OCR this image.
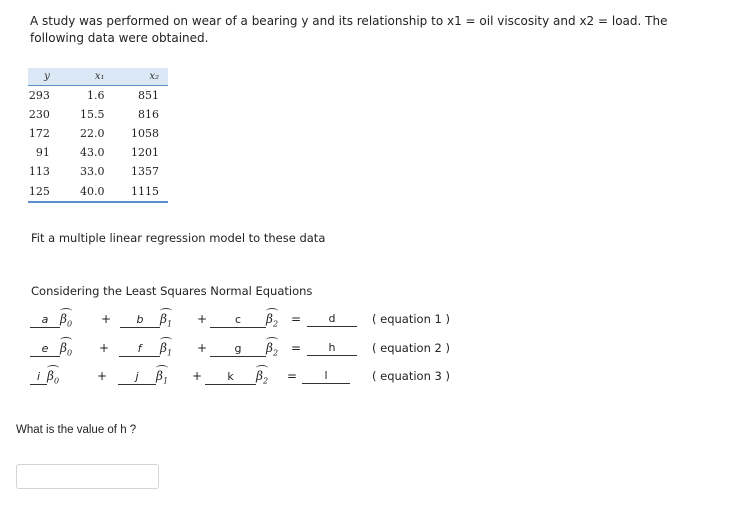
A study was performed on wear of a bearing y and its relationship to x1 = oil viscosity and x2 = load. The following data were obtained.
y	x₁	x₂
293	1.6	851
230	15.5	816
172	22.0	1058
91	43.0	1201
113	33.0	1357
125	40.0	1115
Fit a multiple linear regression model to these data
Considering the Least Squares Normal Equations
a $\beta_0$ +	b $\beta_1$ +	c $\beta_2$ =	d	( equation 1 )
e $\beta_0$ +	f $\beta_1$ +	g $\beta_2$ =	h	( equation 2 )
i $\beta_0$	+	j $\beta_1$ +	k $\beta_2$ =	l	( equation 3 )
What is the value of h ?
